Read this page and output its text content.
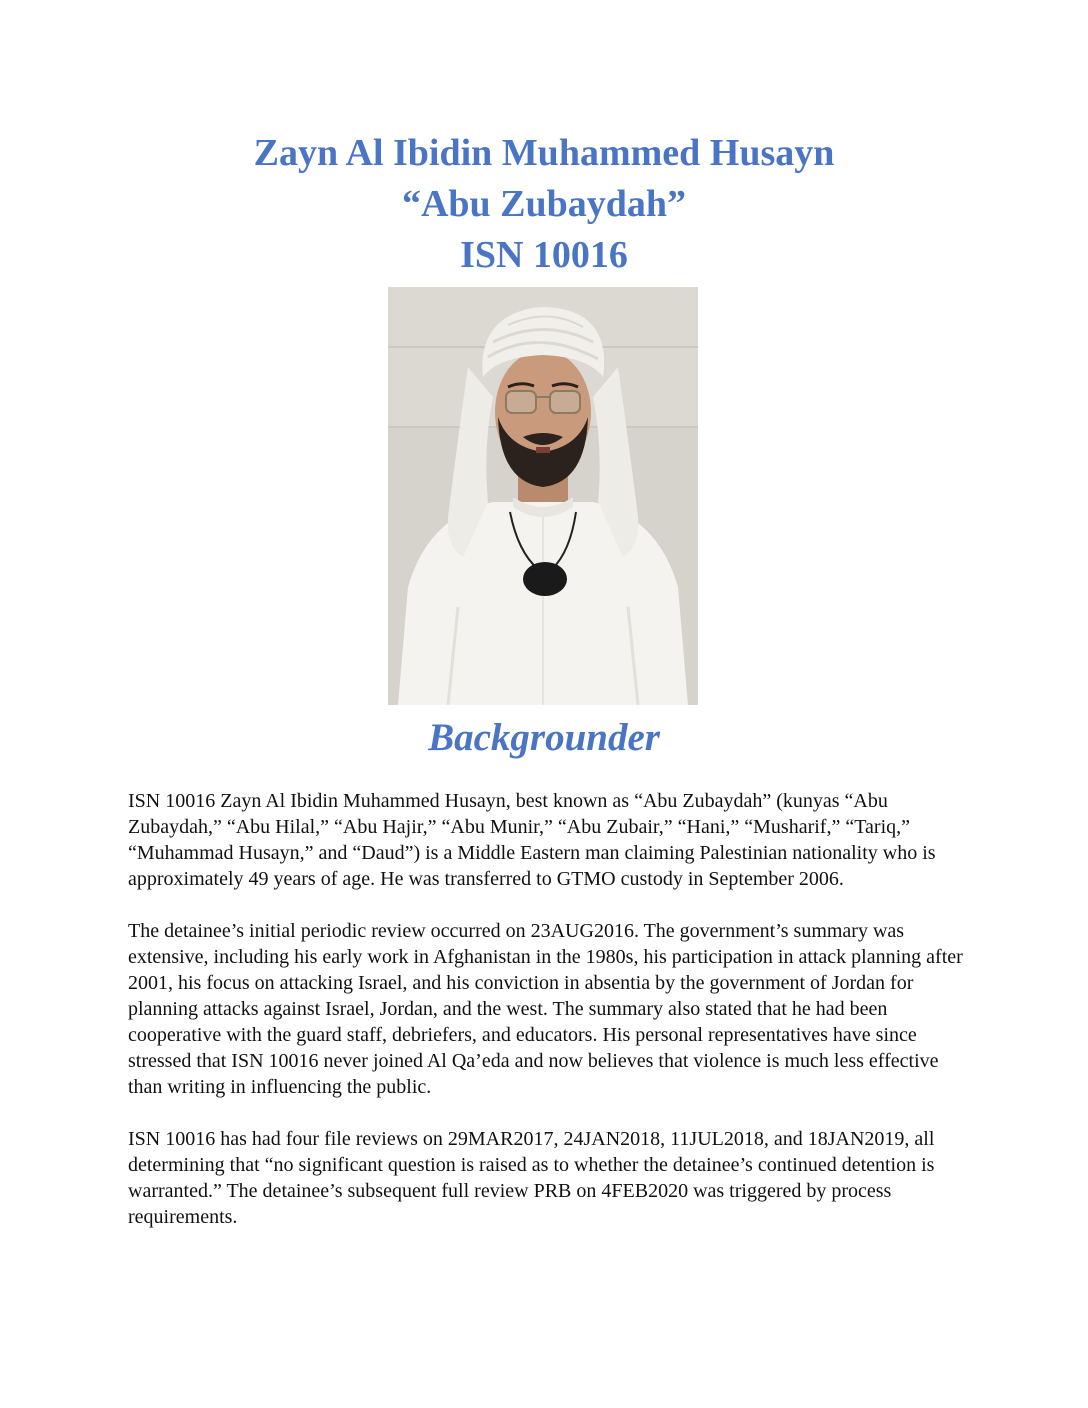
Zayn Al Ibidin Muhammed Husayn
“Abu Zubaydah”
ISN 10016
Backgrounder

ISN 10016 Zayn Al Ibidin Muhammed Husayn, best known as “Abu Zubaydah” (kunyas “Abu Zubaydah,” “Abu Hilal,” “Abu Hajir,” “Abu Munir,” “Abu Zubair,” “Hani,” “Musharif,” “Tariq,” “Muhammad Husayn,” and “Daud”) is a Middle Eastern man claiming Palestinian nationality who is approximately 49 years of age. He was transferred to GTMO custody in September 2006.

The detainee’s initial periodic review occurred on 23AUG2016. The government’s summary was extensive, including his early work in Afghanistan in the 1980s, his participation in attack planning after 2001, his focus on attacking Israel, and his conviction in absentia by the government of Jordan for planning attacks against Israel, Jordan, and the west. The summary also stated that he had been cooperative with the guard staff, debriefers, and educators. His personal representatives have since stressed that ISN 10016 never joined Al Qa’eda and now believes that violence is much less effective than writing in influencing the public.

ISN 10016 has had four file reviews on 29MAR2017, 24JAN2018, 11JUL2018, and 18JAN2019, all determining that “no significant question is raised as to whether the detainee’s continued detention is warranted.” The detainee’s subsequent full review PRB on 4FEB2020 was triggered by process requirements.
